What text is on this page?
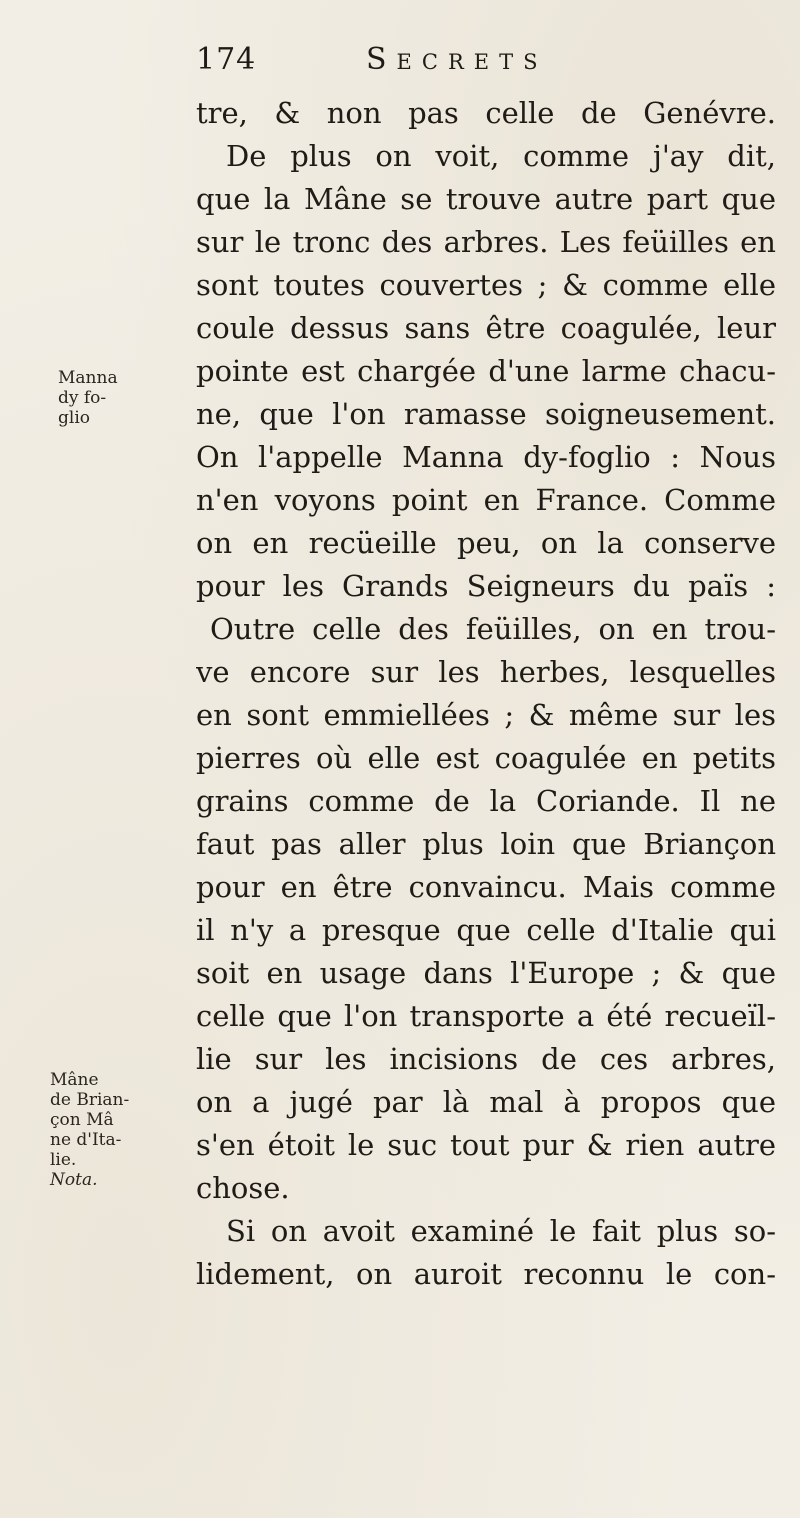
174	Secrets
tre, & non pas celle de Genévre.
De plus on voit, comme j'ay dit,
que la Mâne se trouve autre part que
sur le tronc des arbres. Les feüilles en
sont toutes couvertes ; & comme elle
coule dessus sans être coagulée, leur
pointe est chargée d'une larme chacu-
ne, que l'on ramasse soigneusement.
On l'appelle Manna dy-foglio : Nous
n'en voyons point en France. Comme
on en recüeille peu, on la conserve
pour les Grands Seigneurs du païs :
Outre celle des feüilles, on en trou-
ve encore sur les herbes, lesquelles
en sont emmiellées ; & même sur les
pierres où elle est coagulée en petits
grains comme de la Coriande. Il ne
faut pas aller plus loin que Briançon
pour en être convaincu. Mais comme
il n'y a presque que celle d'Italie qui
soit en usage dans l'Europe ; & que
celle que l'on transporte a été recueïl-
lie sur les incisions de ces arbres,
on a jugé par là mal à propos que
s'en étoit le suc tout pur & rien autre
chose.
Si on avoit examiné le fait plus so-
lidement, on auroit reconnu le con-
Manna
dy fo-
glio
Mâne
de Brian-
çon Mâ
ne d'Ita-
lie.
Nota.
